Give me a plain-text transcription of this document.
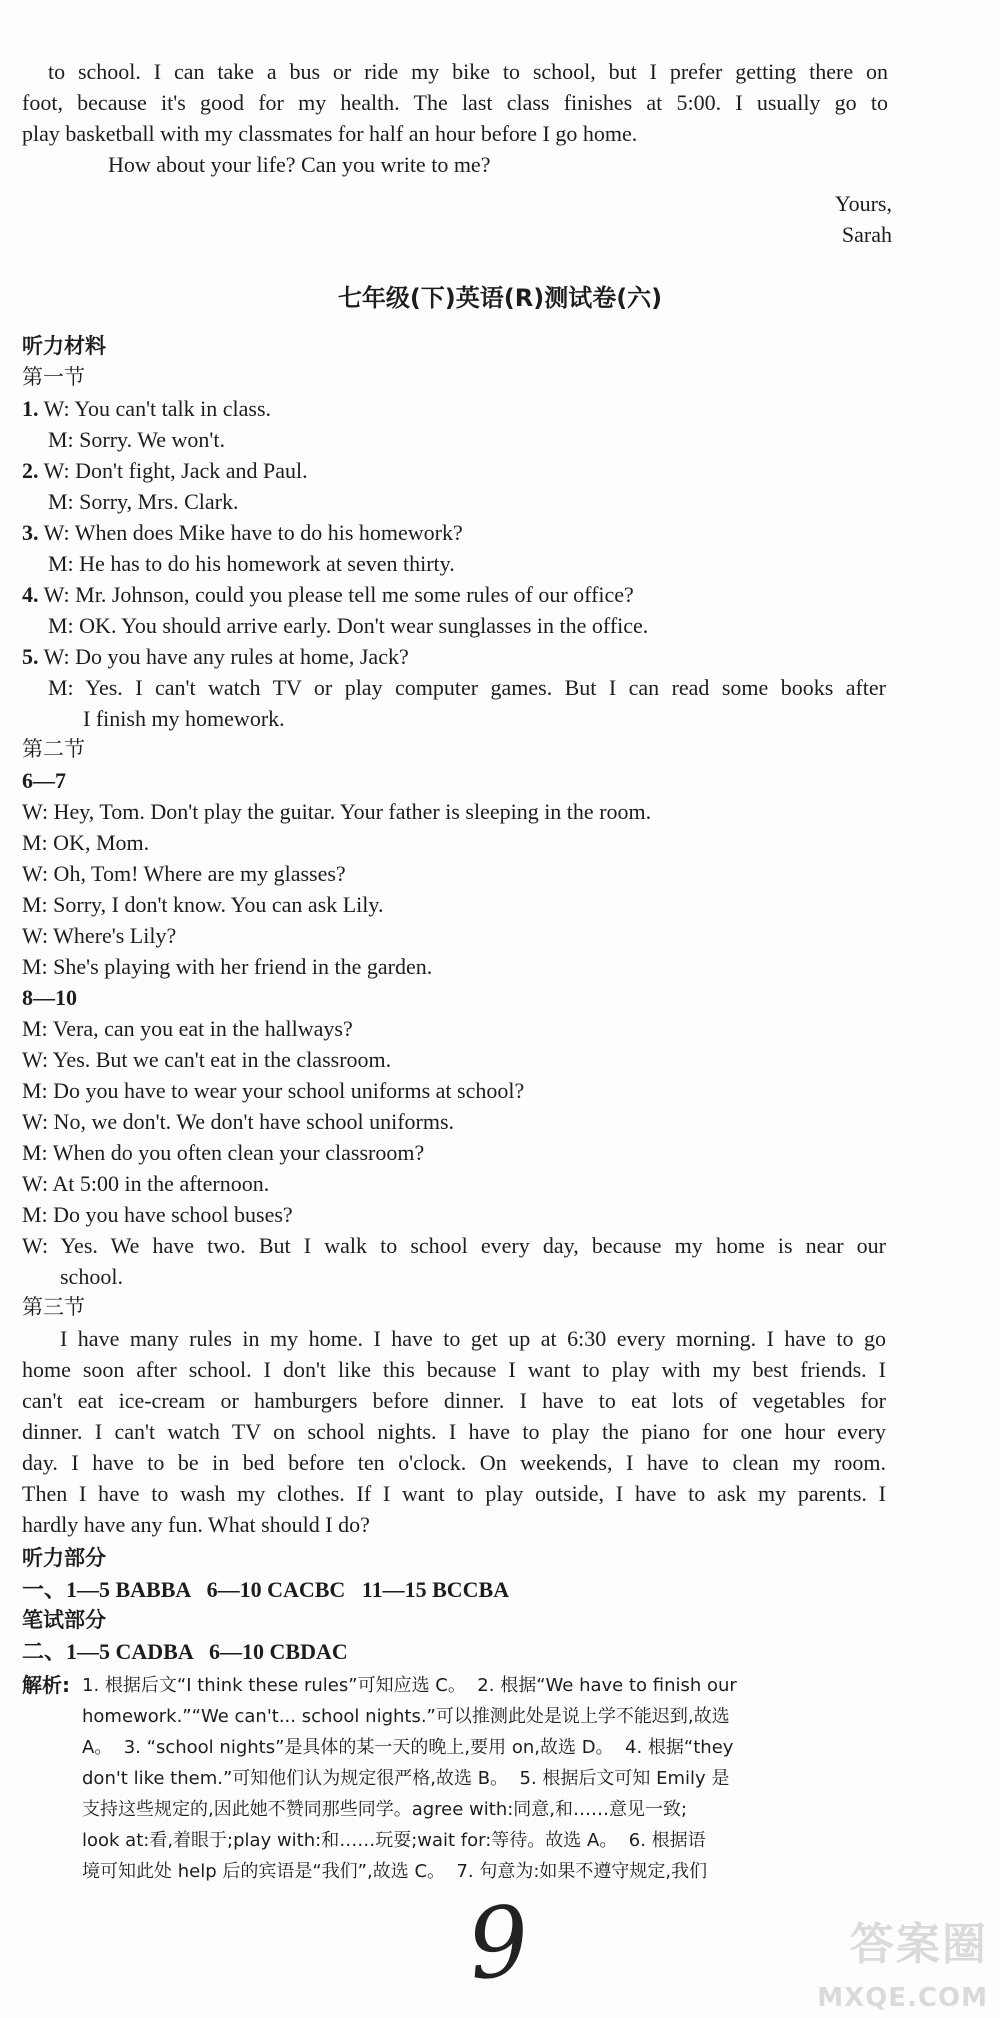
to school. I can take a bus or ride my bike to school, but I prefer getting there on
foot, because it's good for my health. The last class finishes at 5:00. I usually go to
play basketball with my classmates for half an hour before I go home.
How about your life? Can you write to me?
Yours,
Sarah
七年级(下)英语(R)测试卷(六)
听力材料
第一节
1. W: You can't talk in class.
M: Sorry. We won't.
2. W: Don't fight, Jack and Paul.
M: Sorry, Mrs. Clark.
3. W: When does Mike have to do his homework?
M: He has to do his homework at seven thirty.
4. W: Mr. Johnson, could you please tell me some rules of our office?
M: OK. You should arrive early. Don't wear sunglasses in the office.
5. W: Do you have any rules at home, Jack?
M: Yes. I can't watch TV or play computer games. But I can read some books after
I finish my homework.
第二节
6—7
W: Hey, Tom. Don't play the guitar. Your father is sleeping in the room.
M: OK, Mom.
W: Oh, Tom! Where are my glasses?
M: Sorry, I don't know. You can ask Lily.
W: Where's Lily?
M: She's playing with her friend in the garden.
8—10
M: Vera, can you eat in the hallways?
W: Yes. But we can't eat in the classroom.
M: Do you have to wear your school uniforms at school?
W: No, we don't. We don't have school uniforms.
M: When do you often clean your classroom?
W: At 5:00 in the afternoon.
M: Do you have school buses?
W: Yes. We have two. But I walk to school every day, because my home is near our
school.
第三节
I have many rules in my home. I have to get up at 6:30 every morning. I have to go
home soon after school. I don't like this because I want to play with my best friends. I
can't eat ice-cream or hamburgers before dinner. I have to eat lots of vegetables for
dinner. I can't watch TV on school nights. I have to play the piano for one hour every
day. I have to be in bed before ten o'clock. On weekends, I have to clean my room.
Then I have to wash my clothes. If I want to play outside, I have to ask my parents. I
hardly have any fun. What should I do?
听力部分
一、1—5 BABBA   6—10 CACBC   11—15 BCCBA
笔试部分
二、1—5 CADBA   6—10 CBDAC
解析: 1. 根据后文“I think these rules”可知应选 C。  2. 根据“We have to finish our
homework.”“We can't... school nights.”可以推测此处是说上学不能迟到,故选
A。  3. “school nights”是具体的某一天的晚上,要用 on,故选 D。  4. 根据“they
don't like them.”可知他们认为规定很严格,故选 B。  5. 根据后文可知 Emily 是
支持这些规定的,因此她不赞同那些同学。agree with:同意,和……意见一致;
look at:看,着眼于;play with:和……玩耍;wait for:等待。故选 A。  6. 根据语
境可知此处 help 后的宾语是“我们”,故选 C。  7. 句意为:如果不遵守规定,我们
9	答案圈
MXQE.COM
